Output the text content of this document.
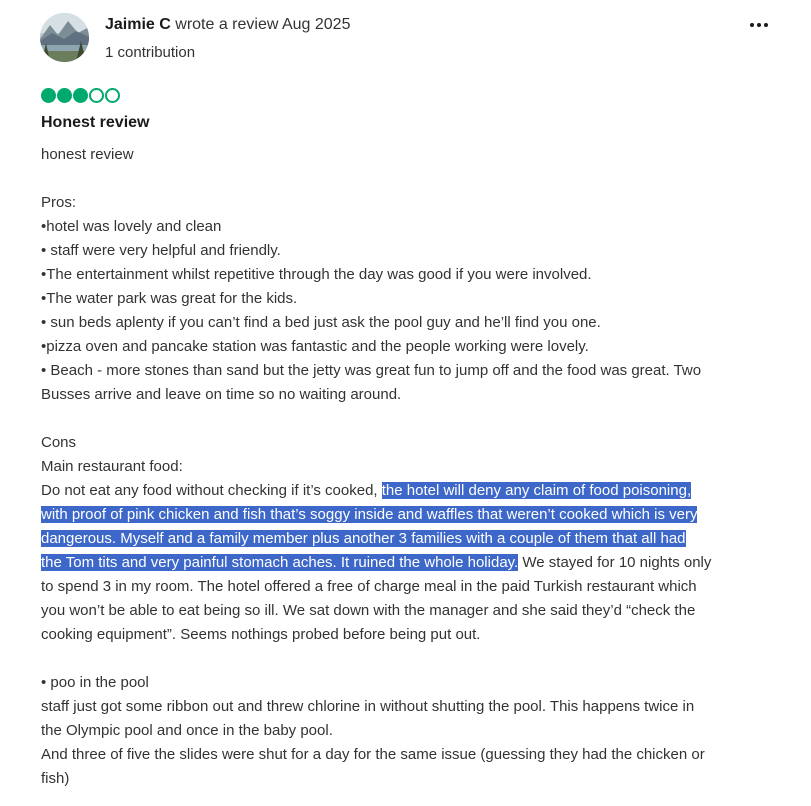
Jaimie C wrote a review Aug 2025
1 contribution
Honest review
honest review
Pros:
•hotel was lovely and clean
• staff were very helpful and friendly.
•The entertainment whilst repetitive through the day was good if you were involved.
•The water park was great for the kids.
• sun beds aplenty if you can’t find a bed just ask the pool guy and he’ll find you one.
•pizza oven and pancake station was fantastic and the people working were lovely.
• Beach - more stones than sand but the jetty was great fun to jump off and the food was great. Two
Busses arrive and leave on time so no waiting around.
Cons
Main restaurant food:
Do not eat any food without checking if it’s cooked, the hotel will deny any claim of food poisoning,
with proof of pink chicken and fish that’s soggy inside and waffles that weren’t cooked which is very
dangerous. Myself and a family member plus another 3 families with a couple of them that all had
the Tom tits and very painful stomach aches. It ruined the whole holiday. We stayed for 10 nights only
to spend 3 in my room. The hotel offered a free of charge meal in the paid Turkish restaurant which
you won’t be able to eat being so ill. We sat down with the manager and she said they’d “check the
cooking equipment”. Seems nothings probed before being put out.
• poo in the pool
staff just got some ribbon out and threw chlorine in without shutting the pool. This happens twice in
the Olympic pool and once in the baby pool.
And three of five the slides were shut for a day for the same issue (guessing they had the chicken or
fish)
